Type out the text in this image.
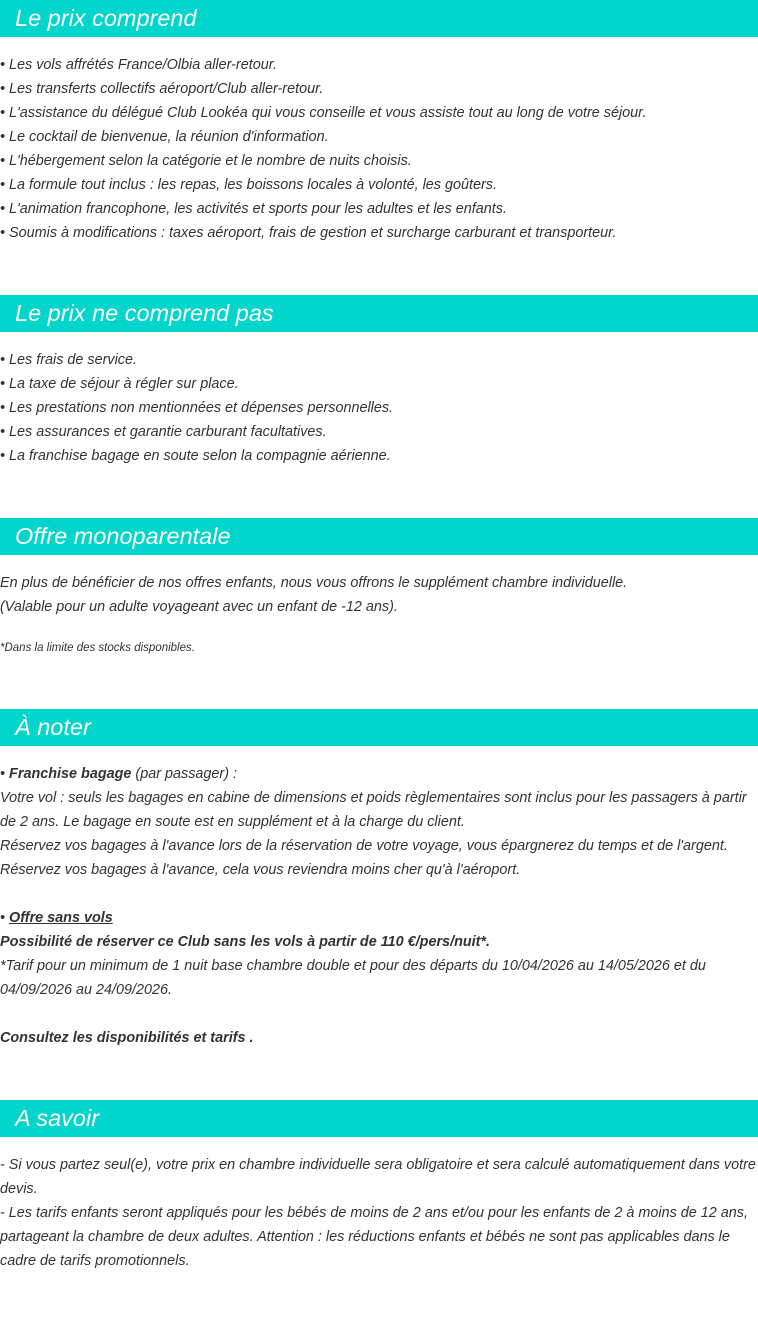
Le prix comprend

• Les vols affrétés France/Olbia aller-retour.

• Les transferts collectifs aéroport/Club aller-retour.

• L'assistance du délégué Club Lookéa qui vous conseille et vous assiste tout au long de votre séjour.

• Le cocktail de bienvenue, la réunion d'information.

• L'hébergement selon la catégorie et le nombre de nuits choisis.

• La formule tout inclus : les repas, les boissons locales à volonté, les goûters.

• L'animation francophone, les activités et sports pour les adultes et les enfants.

• Soumis à modifications : taxes aéroport, frais de gestion et surcharge carburant et transporteur.

Le prix ne comprend pas

• Les frais de service.

• La taxe de séjour à régler sur place.

• Les prestations non mentionnées et dépenses personnelles.

• Les assurances et garantie carburant facultatives.

• La franchise bagage en soute selon la compagnie aérienne.

Offre monoparentale

En plus de bénéficier de nos offres enfants, nous vous offrons le supplément chambre individuelle.

(Valable pour un adulte voyageant avec un enfant de -12 ans).

*Dans la limite des stocks disponibles.

À noter

• Franchise bagage (par passager) :

Votre vol : seuls les bagages en cabine de dimensions et poids règlementaires sont inclus pour les passagers à partir de 2 ans. Le bagage en soute est en supplément et à la charge du client.

Réservez vos bagages à l'avance lors de la réservation de votre voyage, vous épargnerez du temps et de l'argent.

Réservez vos bagages à l'avance, cela vous reviendra moins cher qu'à l'aéroport.

• Offre sans vols

Possibilité de réserver ce Club sans les vols à partir de 110 €/pers/nuit*.

*Tarif pour un minimum de 1 nuit base chambre double et pour des départs du 10/04/2026 au 14/05/2026 et du 04/09/2026 au 24/09/2026.

Consultez les disponibilités et tarifs .

A savoir

- Si vous partez seul(e), votre prix en chambre individuelle sera obligatoire et sera calculé automatiquement dans votre devis.

- Les tarifs enfants seront appliqués pour les bébés de moins de 2 ans et/ou pour les enfants de 2 à moins de 12 ans, partageant la chambre de deux adultes. Attention : les réductions enfants et bébés ne sont pas applicables dans le cadre de tarifs promotionnels.
